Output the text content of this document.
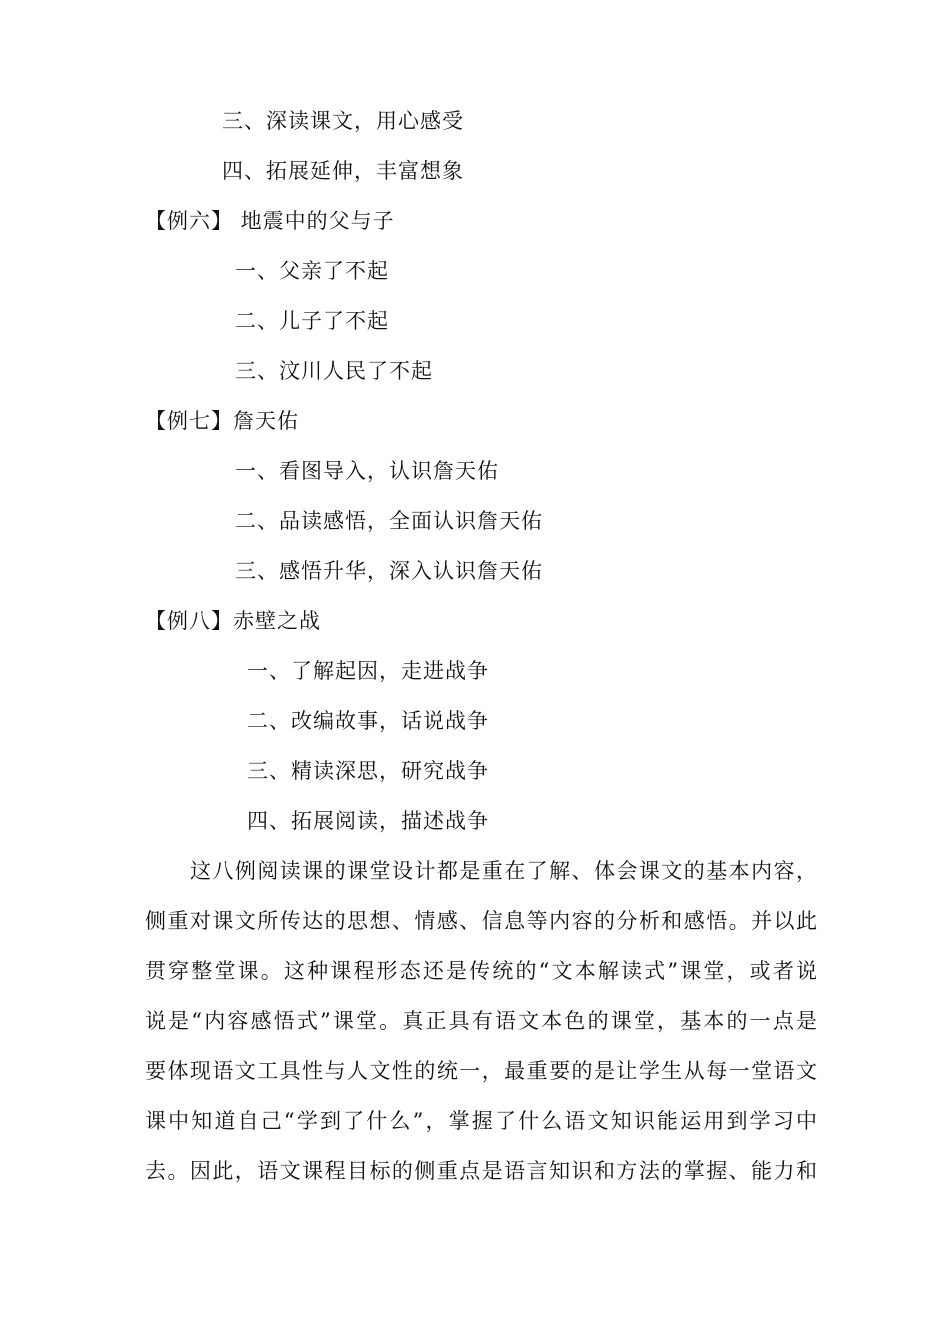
三、深读课文，用心感受
四、拓展延伸，丰富想象
【例六】 地震中的父与子
一、父亲了不起
二、儿子了不起
三、汶川人民了不起
【例七】詹天佑
一、看图导入，认识詹天佑
二、品读感悟，全面认识詹天佑
三、感悟升华，深入认识詹天佑
【例八】赤壁之战
一、了解起因，走进战争
二、改编故事，话说战争
三、精读深思，研究战争
四、拓展阅读，描述战争
这八例阅读课的课堂设计都是重在了解、体会课文的基本内容，
侧重对课文所传达的思想、情感、信息等内容的分析和感悟。并以此
贯穿整堂课。这种课程形态还是传统的“文本解读式”课堂，或者说
说是“内容感悟式”课堂。真正具有语文本色的课堂，基本的一点是
要体现语文工具性与人文性的统一，最重要的是让学生从每一堂语文
课中知道自己“学到了什么”，掌握了什么语文知识能运用到学习中
去。因此，语文课程目标的侧重点是语言知识和方法的掌握、能力和
